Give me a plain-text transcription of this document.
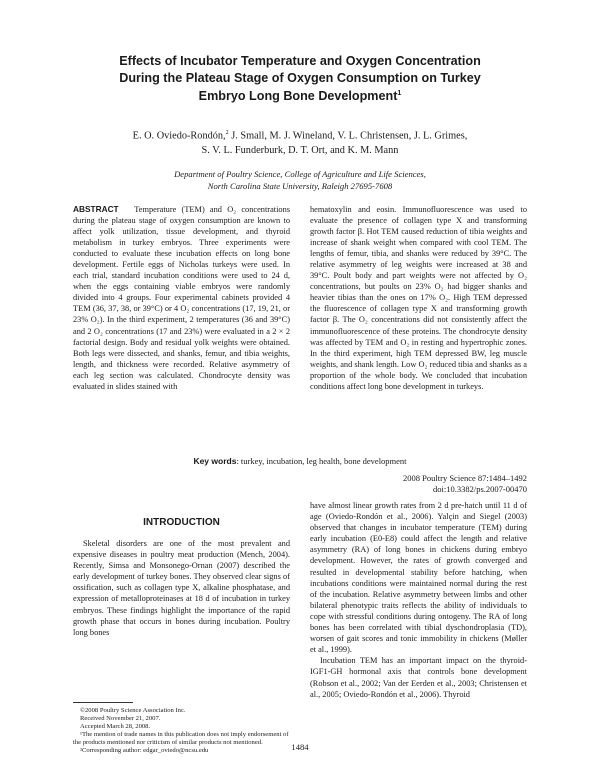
Effects of Incubator Temperature and Oxygen Concentration
During the Plateau Stage of Oxygen Consumption on Turkey
Embryo Long Bone Development$^1$
E. O. Oviedo-Rondón,$^2$ J. Small, M. J. Wineland, V. L. Christensen, J. L. Grimes,
S. V. L. Funderburk, D. T. Ort, and K. M. Mann
Department of Poultry Science, College of Agriculture and Life Sciences,
North Carolina State University, Raleigh 27695-7608

ABSTRACT Temperature (TEM) and O₂ concentrations during the plateau stage of oxygen consumption are known to affect yolk utilization, tissue development, and thyroid metabolism in turkey embryos. Three experiments were conducted to evaluate these incubation effects on long bone development. Fertile eggs of Nicholas turkeys were used. In each trial, standard incubation conditions were used to 24 d, when the eggs containing viable embryos were randomly divided into 4 groups. Four experimental cabinets provided 4 TEM (36, 37, 38, or 39°C) or 4 O₂ concentrations (17, 19, 21, or 23% O₂). In the third experiment, 2 temperatures (36 and 39°C) and 2 O₂ concentrations (17 and 23%) were evaluated in a 2 × 2 factorial design. Body and residual yolk weights were obtained. Both legs were dissected, and shanks, femur, and tibia weights, length, and thickness were recorded. Relative asymmetry of each leg section was calculated. Chondrocyte density was evaluated in slides stained with

hematoxylin and eosin. Immunofluorescence was used to evaluate the presence of collagen type X and transforming growth factor β. Hot TEM caused reduction of tibia weights and increase of shank weight when compared with cool TEM. The lengths of femur, tibia, and shanks were reduced by 39°C. The relative asymmetry of leg weights were increased at 38 and 39°C. Poult body and part weights were not affected by O₂ concentrations, but poults on 23% O₂ had bigger shanks and heavier tibias than the ones on 17% O₂. High TEM depressed the fluorescence of collagen type X and transforming growth factor β. The O₂ concentrations did not consistently affect the immunofluorescence of these proteins. The chondrocyte density was affected by TEM and O₂ in resting and hypertrophic zones. In the third experiment, high TEM depressed BW, leg muscle weights, and shank length. Low O₂ reduced tibia and shanks as a proportion of the whole body. We concluded that incubation conditions affect long bone development in turkeys.

Key words: turkey, incubation, leg health, bone development
2008 Poultry Science 87:1484–1492
doi:10.3382/ps.2007-00470
INTRODUCTION

Skeletal disorders are one of the most prevalent and expensive diseases in poultry meat production (Mench, 2004). Recently, Simsa and Monsonego-Ornan (2007) described the early development of turkey bones. They observed clear signs of ossification, such as collagen type X, alkaline phosphatase, and expression of metalloproteinases at 18 d of incubation in turkey embryos. These findings highlight the importance of the rapid growth phase that occurs in bones during incubation. Poultry long bones

have almost linear growth rates from 2 d pre-hatch until 11 d of age (Oviedo-Rondón et al., 2006). Yalçin and Siegel (2003) observed that changes in incubator temperature (TEM) during early incubation (E0-E8) could affect the length and relative asymmetry (RA) of long bones in chickens during embryo development. However, the rates of growth converged and resulted in developmental stability before hatching, when incubations conditions were maintained normal during the rest of the incubation. Relative asymmetry between limbs and other bilateral phenotypic traits reflects the ability of individuals to cope with stressful conditions during ontogeny. The RA of long bones has been correlated with tibial dyschondroplasia (TD), worsen of gait scores and tonic immobility in chickens (Møller et al., 1999).

Incubation TEM has an important impact on the thyroid-IGF1-GH hormonal axis that controls bone development (Robson et al., 2002; Van der Eerden et al., 2003; Christensen et al., 2005; Oviedo-Rondón et al., 2006). Thyroid

©2008 Poultry Science Association Inc.

Received November 21, 2007.

Accepted March 28, 2008.

¹The mention of trade names in this publication does not imply endorsement of the products mentioned nor criticism of similar products not mentioned.

²Corresponding author: edgar_oviedo@ncsu.edu	1484
